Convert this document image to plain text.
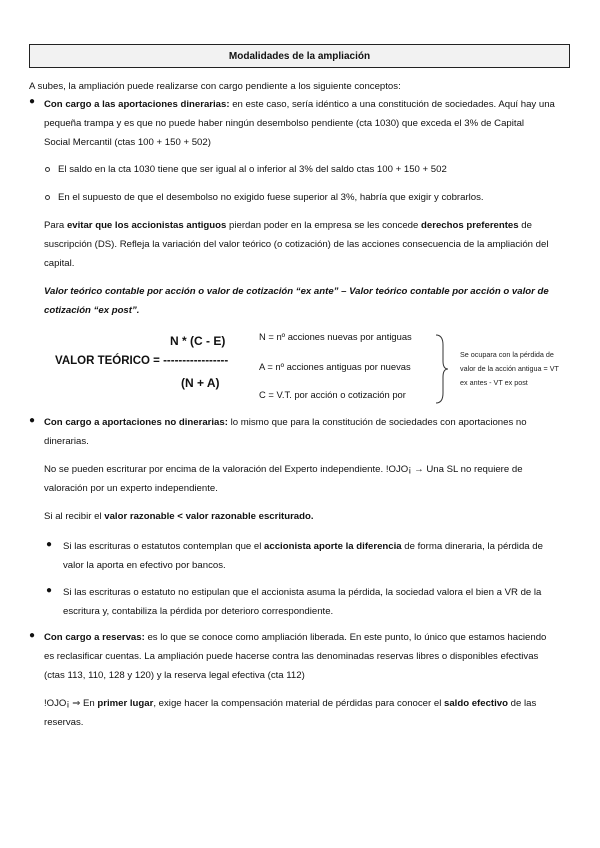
Modalidades de la ampliación
A subes, la ampliación puede realizarse con cargo pendiente a los siguiente conceptos:
● Con cargo a las aportaciones dinerarias: en este caso, sería idéntico a una constitución de sociedades. Aquí hay una
pequeña trampa y es que no puede haber ningún desembolso pendiente (cta 1030) que exceda el 3% de Capital
Social Mercantil (ctas 100 + 150 + 502)
El saldo en la cta 1030 tiene que ser igual al o inferior al 3% del saldo ctas 100 + 150 + 502
En el supuesto de que el desembolso no exigido fuese superior al 3%, habría que exigir y cobrarlos.
Para evitar que los accionistas antiguos pierdan poder en la empresa se les concede derechos preferentes de
suscripción (DS). Refleja la variación del valor teórico (o cotización) de las acciones consecuencia de la ampliación del
capital.
Valor teórico contable por acción o valor de cotización “ex ante” – Valor teórico contable por acción o valor de
cotización “ex post”.
N * (C - E)
VALOR TEÓRICO = -----------------
(N + A)
N = nº acciones nuevas por antiguas
A = nº acciones antiguas por nuevas
C = V.T. por acción o cotización por
Se ocupara con la pérdida de
valor de la acción antigua = VT
ex antes - VT ex post
● Con cargo a aportaciones no dinerarias: lo mismo que para la constitución de sociedades con aportaciones no
dinerarias.
No se pueden escriturar por encima de la valoración del Experto independiente. !OJO¡ → Una SL no requiere de
valoración por un experto independiente.
Si al recibir el valor razonable < valor razonable escriturado.
● Si las escrituras o estatutos contemplan que el accionista aporte la diferencia de forma dineraria, la pérdida de
valor la aporta en efectivo por bancos.
● Si las escrituras o estatuto no estipulan que el accionista asuma la pérdida, la sociedad valora el bien a VR de la
escritura y, contabiliza la pérdida por deterioro correspondiente.
● Con cargo a reservas: es lo que se conoce como ampliación liberada. En este punto, lo único que estamos haciendo
es reclasificar cuentas. La ampliación puede hacerse contra las denominadas reservas libres o disponibles efectivas
(ctas 113, 110, 128 y 120) y la reserva legal efectiva (cta 112)
!OJO¡ ⇒ En primer lugar, exige hacer la compensación material de pérdidas para conocer el saldo efectivo de las
reservas.
